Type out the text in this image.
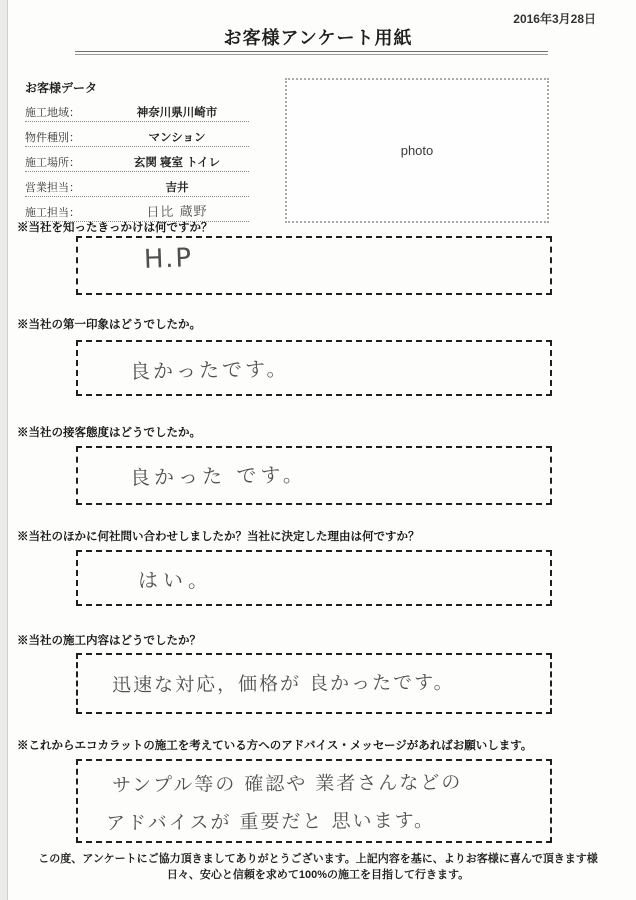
2016年3月28日
お客様アンケート用紙
お客様データ
施工地域：	神奈川県川崎市
物件種別：	マンション
施工場所：	玄関 寝室 トイレ
営業担当：	吉井
施工担当：	日比 蔵野
photo
※当社を知ったきっかけは何ですか？
H.P
※当社の第一印象はどうでしたか。
良かったです。
※当社の接客態度はどうでしたか。
良かった です。
※当社のほかに何社問い合わせしましたか？当社に決定した理由は何ですか？
はい。
※当社の施工内容はどうでしたか？
迅速な対応，価格が 良かったです。
※これからエコカラットの施工を考えている方へのアドバイス・メッセージがあればお願いします。
サンプル等の 確認や 業者さんなどの
アドバイスが 重要だと 思います。
この度、アンケートにご協力頂きましてありがとうございます。上記内容を基に、よりお客様に喜んで頂きます様
日々、安心と信頼を求めて100%の施工を目指して行きます。
